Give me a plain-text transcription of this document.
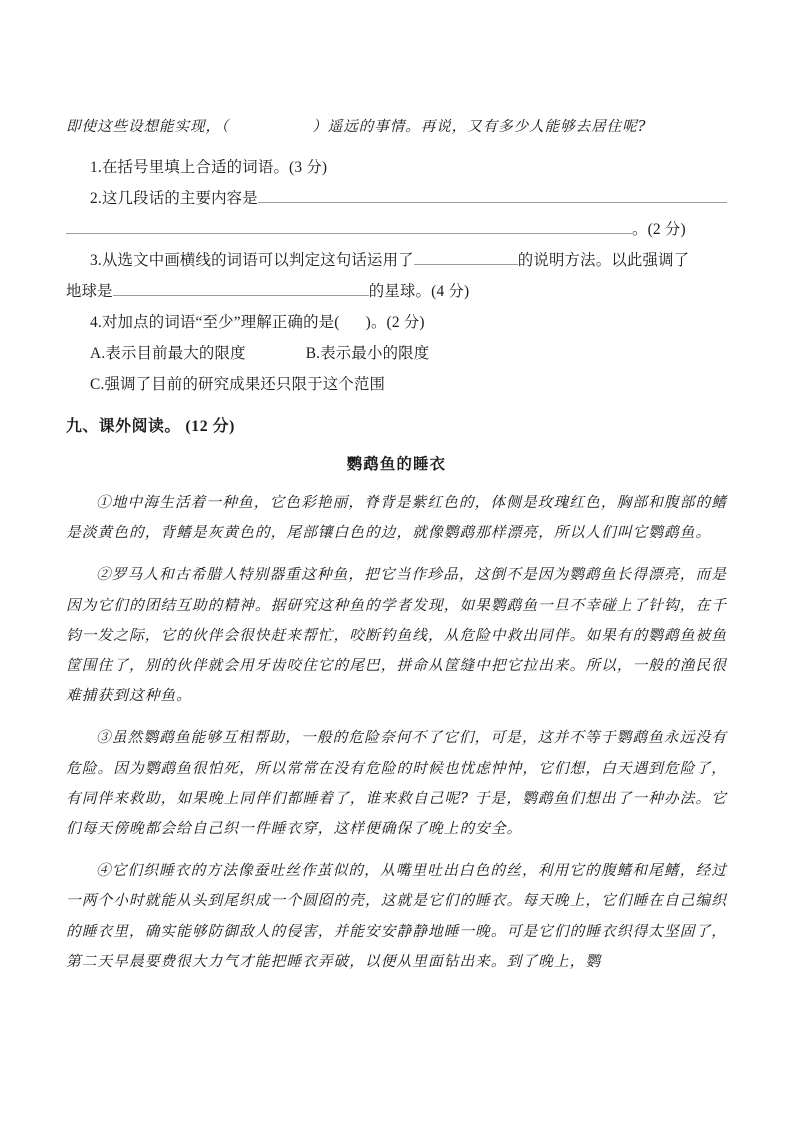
即使这些设想能实现，（	）遥远的事情。再说，又有多少人能够去居住呢?
1. 在括号里填上合适的词语。 (3 分)
2. 这几段话的主要内容是
。 (2 分)
3. 从选文中画横线的词语可以判定这句话运用了	的说明方法。以此强调了
地球是	的星球。 (4 分)
4. 对加点的词语“至少”理解正确的是( )。 (2 分)
A. 表示目前最大的限度	B. 表示最小的限度
C. 强调了目前的研究成果还只限于这个范围
九、课外阅读。 (12 分)
鹦鹉鱼的睡衣

①地中海生活着一种鱼，它色彩艳丽，脊背是紫红色的，体侧是玫瑰红色，胸部和腹部的鳍是淡黄色的，背鳍是灰黄色的，尾部镶白色的边，就像鹦鹉那样漂亮，所以人们叫它鹦鹉鱼。

②罗马人和古希腊人特别器重这种鱼，把它当作珍品，这倒不是因为鹦鹉鱼长得漂亮，而是因为它们的团结互助的精神。据研究这种鱼的学者发现，如果鹦鹉鱼一旦不幸碰上了针钩，在千钧一发之际，它的伙伴会很快赶来帮忙，咬断钓鱼线，从危险中救出同伴。如果有的鹦鹉鱼被鱼筐围住了，别的伙伴就会用牙齿咬住它的尾巴，拼命从筐缝中把它拉出来。所以，一般的渔民很难捕获到这种鱼。

③虽然鹦鹉鱼能够互相帮助，一般的危险奈何不了它们，可是，这并不等于鹦鹉鱼永远没有危险。因为鹦鹉鱼很怕死，所以常常在没有危险的时候也忧虑忡忡，它们想，白天遇到危险了，有同伴来救助，如果晚上同伴们都睡着了，谁来救自己呢? 于是，鹦鹉鱼们想出了一种办法。它们每天傍晚都会给自己织一件睡衣穿，这样便确保了晚上的安全。

④它们织睡衣的方法像蚕吐丝作茧似的，从嘴里吐出白色的丝，利用它的腹鳍和尾鳍，经过一两个小时就能从头到尾织成一个圆囵的壳，这就是它们的睡衣。每天晚上，它们睡在自己编织的睡衣里，确实能够防御敌人的侵害，并能安安静静地睡一晚。可是它们的睡衣织得太坚固了，第二天早晨要费很大力气才能把睡衣弄破，以便从里面钻出来。到了晚上，鹦
